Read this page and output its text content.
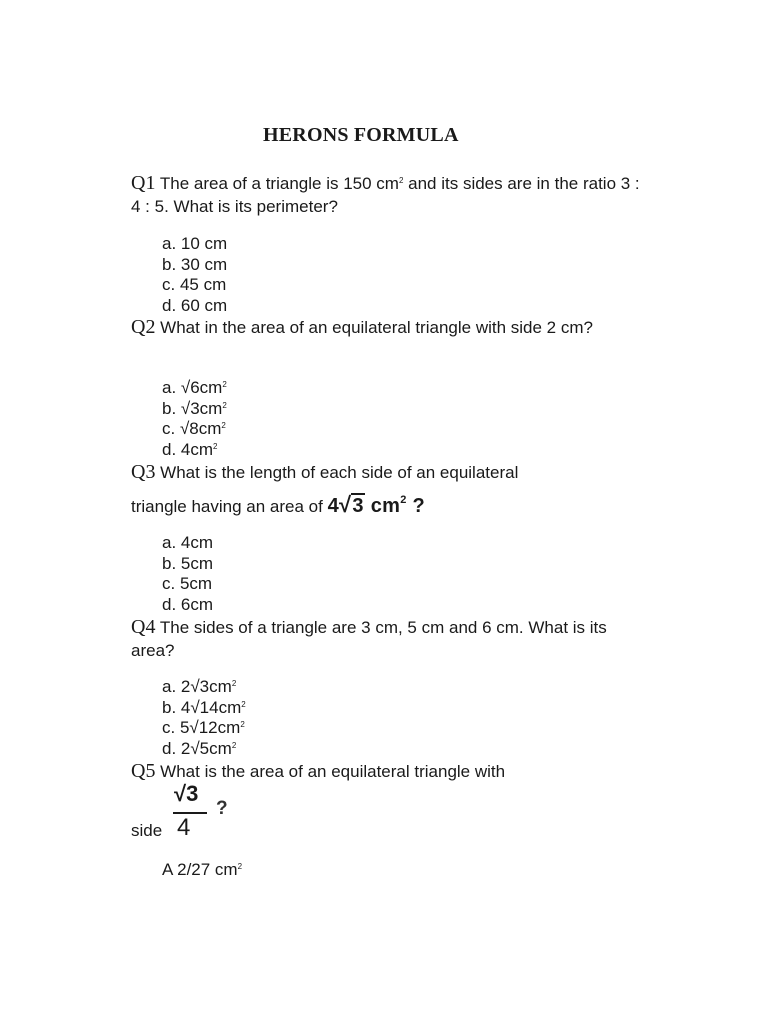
HERONS FORMULA
Q1 The area of a triangle is 150 $cm^2$ and its sides are in the ratio 3 : 4 : 5. What is its perimeter?
a. 10 cm
b. 30 cm
c. 45 cm
d. 60 cm
Q2 What in the area of an equilateral triangle with side 2 cm?
a. $√6cm^2$
b. $√3cm^2$
c. $√8cm^2$
d. $4cm^2$
Q3 What is the length of each side of an equilateral
triangle having an area of 4√3 $cm^2$ ?
a. 4cm
b. 5cm
c. 5cm
d. 6cm
Q4 The sides of a triangle are 3 cm, 5 cm and 6 cm. What is its area?
a. $2√3cm^2$
b. $4√14cm^2$
c. $5√12cm^2$
d. $2√5cm^2$
Q5 What is the area of an equilateral triangle with
√3
4
?
side
A 2/27 $cm^2$
